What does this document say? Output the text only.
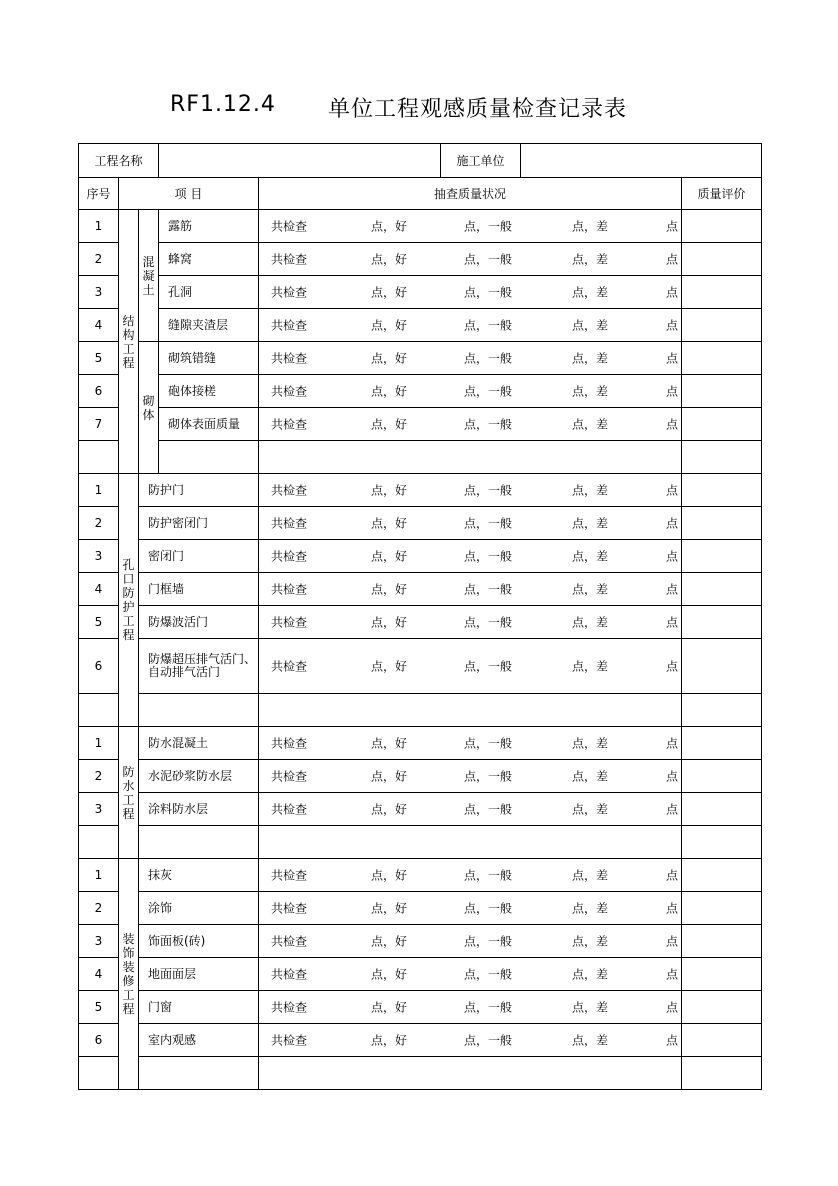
RF1.12.4 单位工程观感质量检查记录表
工程名称		施工单位	
序号	项 目			抽查质量状况	质量评价
1	结构工程	混凝土	露筋	共检查 点，好 点，一般 点，差 点	

2			蜂窝	共检查 点，好 点，一般 点，差 点	

3			孔洞	共检查 点，好 点，一般 点，差 点	

4			缝隙夹渣层	共检查 点，好 点，一般 点，差 点	

5		砌体	砌筑错缝	共检查 点，好 点，一般 点，差 点	

6			砲体接槎	共检查 点，好 点，一般 点，差 点	

7			砌体表面质量	共检查 点，好 点，一般 点，差 点	

1	孔口防护工程	防护门		共检查 点，好 点，一般 点，差 点	

2		防护密闭门		共检查 点，好 点，一般 点，差 点	

3		密闭门		共检查 点，好 点，一般 点，差 点	

4		门框墙		共检查 点，好 点，一般 点，差 点	

5		防爆波活门		共检查 点，好 点，一般 点，差 点	

6		防爆超压排气活门、自动排气活门		共检查 点，好 点，一般 点，差 点	

1	防水工程	防水混凝土		共检查 点，好 点，一般 点，差 点	

2		水泥砂浆防水层		共检查 点，好 点，一般 点，差 点	

3		涂料防水层		共检查 点，好 点，一般 点，差 点	

1	装饰装修工程	抹灰		共检查 点，好 点，一般 点，差 点	

2		涂饰		共检查 点，好 点，一般 点，差 点	

3		饰面板(砖)		共检查 点，好 点，一般 点，差 点	

4		地面面层		共检查 点，好 点，一般 点，差 点	

5		门窗		共检查 点，好 点，一般 点，差 点	

6		室内观感		共检查 点，好 点，一般 点，差 点	
